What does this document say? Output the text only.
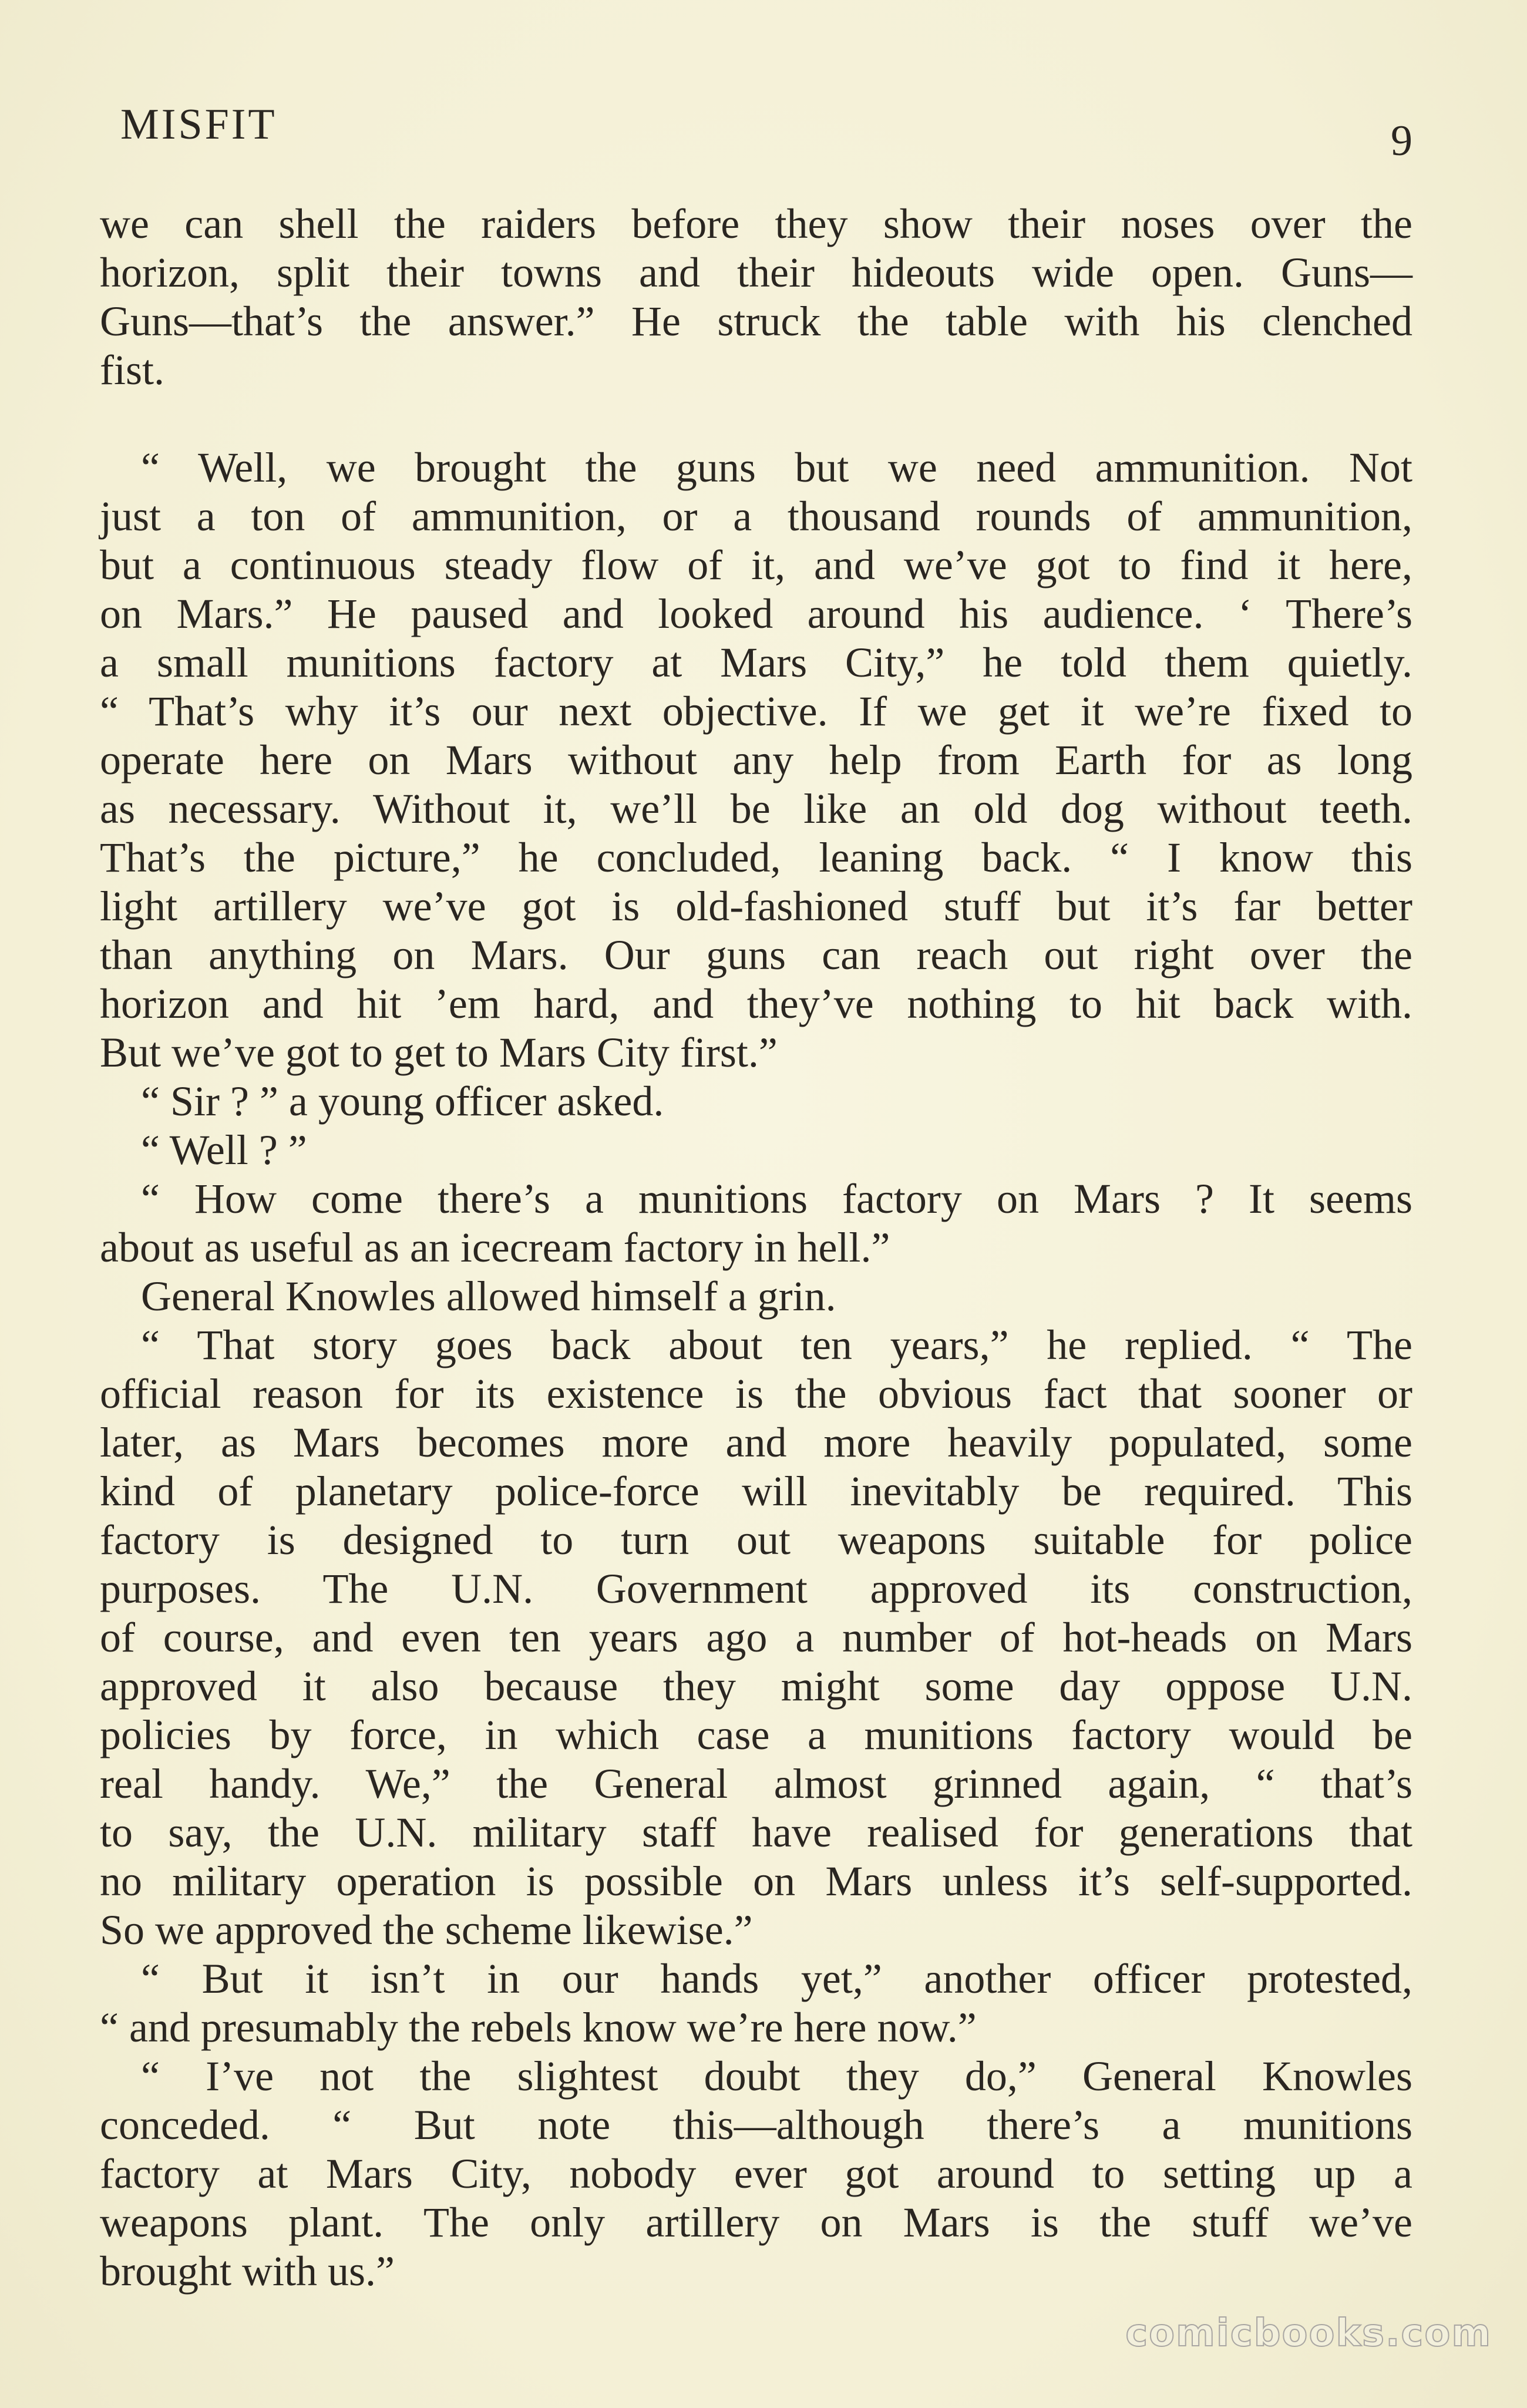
MISFIT	9
we can shell the raiders before they show their noses over the
horizon, split their towns and their hideouts wide open. Guns—
Guns—that’s the answer.” He struck the table with his clenched
fist.
“ Well, we brought the guns but we need ammunition. Not
just a ton of ammunition, or a thousand rounds of ammunition,
but a continuous steady flow of it, and we’ve got to find it here,
on Mars.” He paused and looked around his audience. ‘ There’s
a small munitions factory at Mars City,” he told them quietly.
“ That’s why it’s our next objective. If we get it we’re fixed to
operate here on Mars without any help from Earth for as long
as necessary. Without it, we’ll be like an old dog without teeth.
That’s the picture,” he concluded, leaning back. “ I know this
light artillery we’ve got is old-fashioned stuff but it’s far better
than anything on Mars. Our guns can reach out right over the
horizon and hit ’em hard, and they’ve nothing to hit back with.
But we’ve got to get to Mars City first.”
“ Sir ? ” a young officer asked.
“ Well ? ”
“ How come there’s a munitions factory on Mars ? It seems
about as useful as an icecream factory in hell.”
General Knowles allowed himself a grin.
“ That story goes back about ten years,” he replied. “ The
official reason for its existence is the obvious fact that sooner or
later, as Mars becomes more and more heavily populated, some
kind of planetary police-force will inevitably be required. This
factory is designed to turn out weapons suitable for police
purposes. The U.N. Government approved its construction,
of course, and even ten years ago a number of hot-heads on Mars
approved it also because they might some day oppose U.N.
policies by force, in which case a munitions factory would be
real handy. We,” the General almost grinned again, “ that’s
to say, the U.N. military staff have realised for generations that
no military operation is possible on Mars unless it’s self-supported.
So we approved the scheme likewise.”
“ But it isn’t in our hands yet,” another officer protested,
“ and presumably the rebels know we’re here now.”
“ I’ve not the slightest doubt they do,” General Knowles
conceded. “ But note this—although there’s a munitions
factory at Mars City, nobody ever got around to setting up a
weapons plant. The only artillery on Mars is the stuff we’ve
brought with us.”
comicbooks.com
